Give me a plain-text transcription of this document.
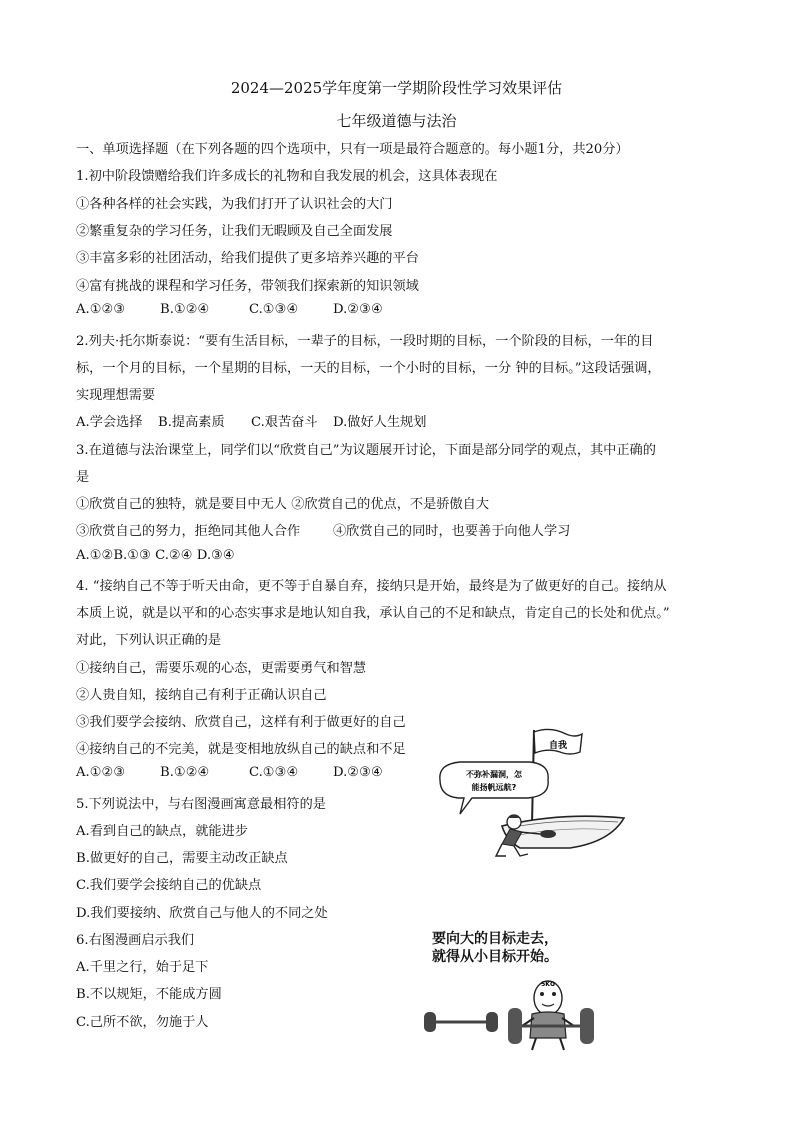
2024—2025学年度第一学期阶段性学习效果评估
七年级道德与法治
一、单项选择题（在下列各题的四个选项中，只有一项是最符合题意的。每小题1分，共20分）
1.初中阶段馈赠给我们许多成长的礼物和自我发展的机会，这具体表现在
①各种各样的社会实践，为我们打开了认识社会的大门
②繁重复杂的学习任务，让我们无暇顾及自己全面发展
③丰富多彩的社团活动，给我们提供了更多培养兴趣的平台
④富有挑战的课程和学习任务，带领我们探索新的知识领域
A.①②③	B.①②④	C.①③④	D.②③④
2.列夫·托尔斯泰说：“要有生活目标，一辈子的目标，一段时期的目标，一个阶段的目标，一年的目
标，一个月的目标，一个星期的目标，一天的目标，一个小时的目标，一分 钟的目标。”这段话强调，
实现理想需要
A.学会选择 B.提高素质 C.艰苦奋斗 D.做好人生规划
3.在道德与法治课堂上，同学们以“欣赏自己”为议题展开讨论，下面是部分同学的观点，其中正确的
是
①欣赏自己的独特，就是要目中无人 ②欣赏自己的优点，不是骄傲自大
③欣赏自己的努力，拒绝同其他人合作 ④欣赏自己的同时，也要善于向他人学习
A.①②B.①③ C.②④ D.③④
4. “接纳自己不等于听天由命，更不等于自暴自弃，接纳只是开始，最终是为了做更好的自己。接纳从
本质上说，就是以平和的心态实事求是地认知自我，承认自己的不足和缺点，肯定自己的长处和优点。”
对此，下列认识正确的是
①接纳自己，需要乐观的心态，更需要勇气和智慧
②人贵自知，接纳自己有利于正确认识自己
③我们要学会接纳、欣赏自己，这样有利于做更好的自己
④接纳自己的不完美，就是变相地放纵自己的缺点和不足
A.①②③	B.①②④	C.①③④	D.②③④
5.下列说法中，与右图漫画寓意最相符的是
A.看到自己的缺点，就能进步
B.做更好的自己，需要主动改正缺点
C.我们要学会接纳自己的优缺点
D.我们要接纳、欣赏自己与他人的不同之处
6.右图漫画启示我们
A.千里之行，始于足下
B.不以规矩，不能成方圆
C.己所不欲，勿施于人
自我
不弥补漏洞，怎
能扬帆远航?
要向大的目标走去，
就得从小目标开始。
5KG
